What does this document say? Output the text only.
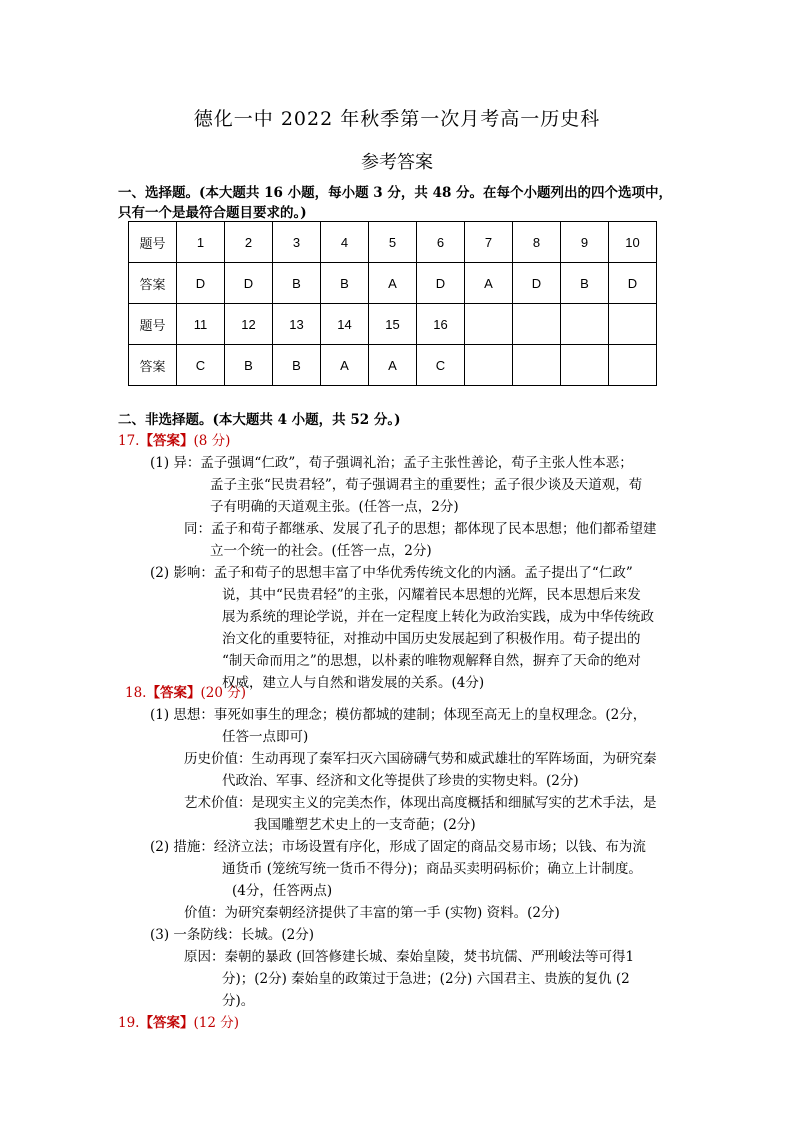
德化一中 2022 年秋季第一次月考高一历史科
参考答案
一、选择题。(本大题共 16 小题，每小题 3 分，共 48 分。在每个小题列出的四个选项中，
只有一个是最符合题目要求的。)
题号	1	2	3	4	5	6	7	8	9	10
答案	D	D	B	B	A	D	A	D	B	D
题号	11	12	13	14	15	16				
答案	C	B	B	A	A	C				
二、非选择题。(本大题共 4 小题，共 52 分。)
17.【答案】(8 分)
(1) 异：孟子强调“仁政”，荀子强调礼治；孟子主张性善论，荀子主张人性本恶；
孟子主张“民贵君轻”，荀子强调君主的重要性；孟子很少谈及天道观，荀
子有明确的天道观主张。(任答一点，2分)
同：孟子和荀子都继承、发展了孔子的思想；都体现了民本思想；他们都希望建
立一个统一的社会。(任答一点，2分)
(2) 影响：孟子和荀子的思想丰富了中华优秀传统文化的内涵。孟子提出了“仁政”
说，其中“民贵君轻”的主张，闪耀着民本思想的光辉，民本思想后来发
展为系统的理论学说，并在一定程度上转化为政治实践，成为中华传统政
治文化的重要特征，对推动中国历史发展起到了积极作用。荀子提出的
“制天命而用之”的思想，以朴素的唯物观解释自然，摒弃了天命的绝对
权威，建立人与自然和谐发展的关系。(4分)
18.【答案】(20 分)
(1) 思想：事死如事生的理念；模仿都城的建制；体现至高无上的皇权理念。(2分，
任答一点即可)
历史价值：生动再现了秦军扫灭六国磅礴气势和威武雄壮的军阵场面，为研究秦
代政治、军事、经济和文化等提供了珍贵的实物史料。(2分)
艺术价值：是现实主义的完美杰作，体现出高度概括和细腻写实的艺术手法，是
我国雕塑艺术史上的一支奇葩；(2分)
(2) 措施：经济立法；市场设置有序化，形成了固定的商品交易市场；以钱、布为流
通货币 (笼统写统一货币不得分)；商品买卖明码标价；确立上计制度。
(4分，任答两点)
价值：为研究秦朝经济提供了丰富的第一手 (实物) 资料。(2分)
(3) 一条防线：长城。(2分)
原因：秦朝的暴政 (回答修建长城、秦始皇陵，焚书坑儒、严刑峻法等可得1
分)；(2分) 秦始皇的政策过于急进；(2分) 六国君主、贵族的复仇 (2
分)。
19.【答案】(12 分)
